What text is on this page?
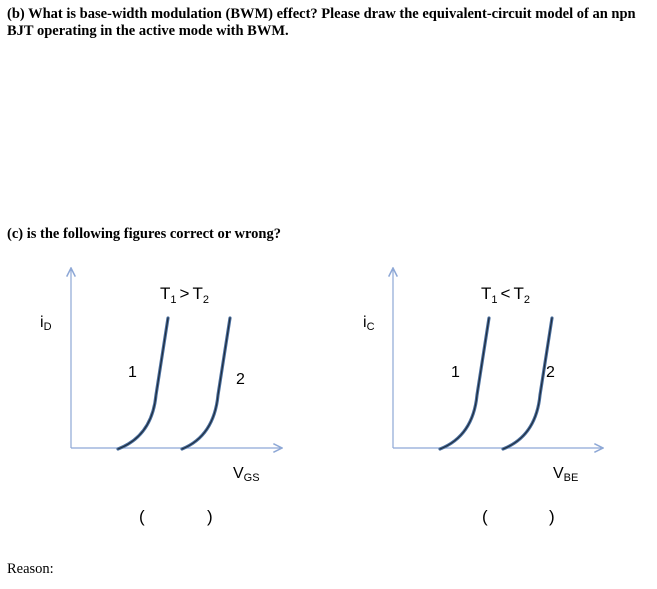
(b) What is base-width modulation (BWM) effect? Please draw the equivalent-circuit model of an npn BJT operating in the active mode with BWM.
(c) is the following figures correct or wrong?
iD
$T_1 > T_2$
1	2
VGS
iC
$T_1 < T_2$
1	2
VBE
(	)	(	)
Reason:
